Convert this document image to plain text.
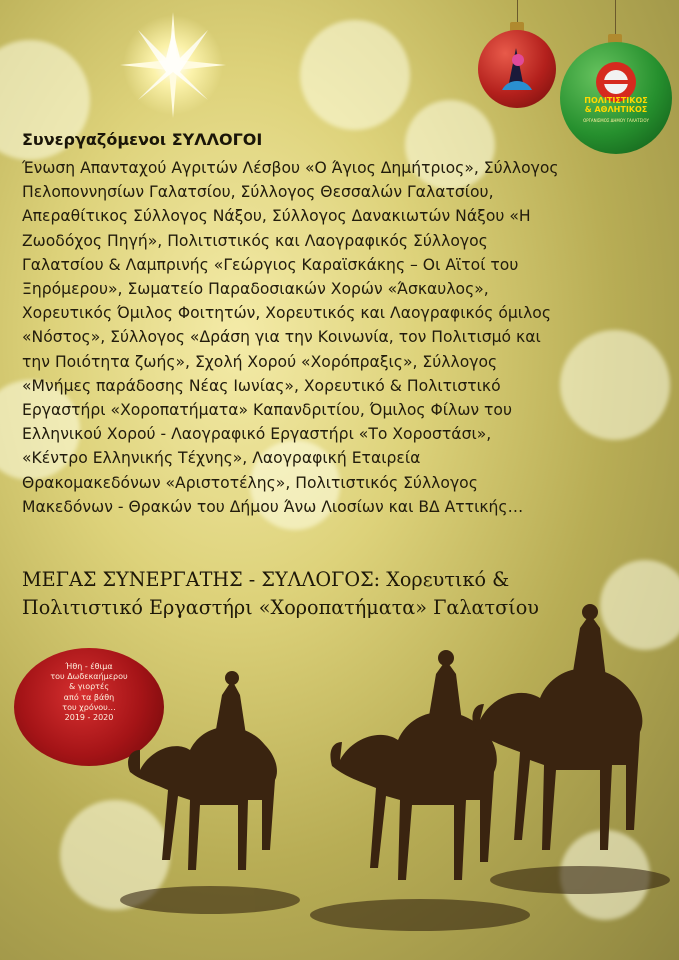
ΠΟΛΙΤΙΣΤΙΚΟΣ
& ΑΘΛΗΤΙΚΟΣ
ΟΡΓΑΝΙΣΜΟΣ ΔΗΜΟΥ ΓΑΛΑΤΣΙΟΥ
Συνεργαζόμενοι ΣΥΛΛΟΓΟΙ
Ένωση Απανταχού Αγριτών Λέσβου «Ο Άγιος Δημήτριος», Σύλλογος
Πελοποννησίων Γαλατσίου, Σύλλογος Θεσσαλών Γαλατσίου,
Απεραθίτικος Σύλλογος Νάξου, Σύλλογος Δανακιωτών Νάξου «Η
Ζωοδόχος Πηγή», Πολιτιστικός και Λαογραφικός Σύλλογος
Γαλατσίου & Λαμπρινής «Γεώργιος Καραϊσκάκης – Οι Αϊτοί του
Ξηρόμερου», Σωματείο Παραδοσιακών Χορών «Άσκαυλος»,
Χορευτικός Όμιλος Φοιτητών, Χορευτικός και Λαογραφικός όμιλος
«Νόστος», Σύλλογος «Δράση για την Κοινωνία, τον Πολιτισμό και
την Ποιότητα ζωής», Σχολή Χορού «Χορόπραξις», Σύλλογος
«Μνήμες παράδοσης Νέας Ιωνίας», Χορευτικό & Πολιτιστικό
Εργαστήρι «Χοροπατήματα» Καπανδριτίου, Όμιλος Φίλων του
Ελληνικού Χορού - Λαογραφικό Εργαστήρι «Το Χοροστάσι»,
«Κέντρο Ελληνικής Τέχνης», Λαογραφική Εταιρεία
Θρακομακεδόνων «Αριστοτέλης», Πολιτιστικός Σύλλογος
Μακεδόνων - Θρακών του Δήμου Άνω Λιοσίων και ΒΔ Αττικής…
ΜΕΓΑΣ ΣΥΝΕΡΓΑΤΗΣ - ΣΥΛΛΟΓΟΣ: Χορευτικό &
Πολιτιστικό Εργαστήρι «Χοροπατήματα» Γαλατσίου
Ήθη - έθιμα
του Δωδεκαήμερου
& γιορτές
από τα βάθη
του χρόνου…
2019 - 2020
